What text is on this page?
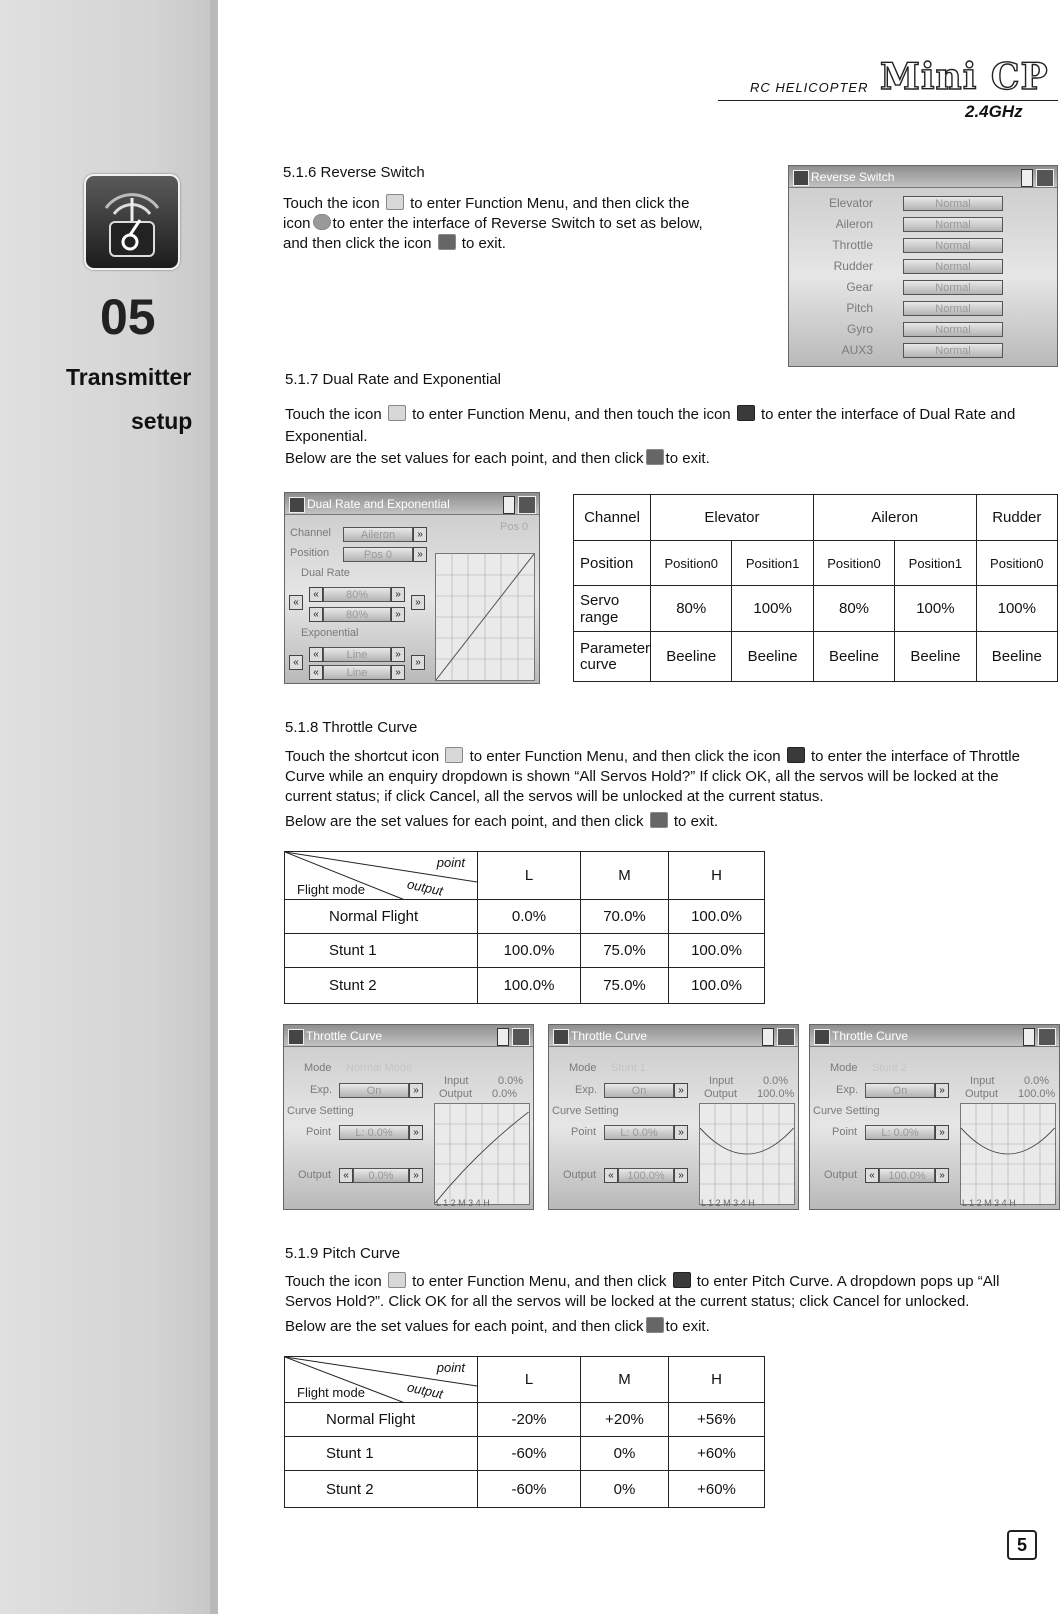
05
Transmitter
setup
RC HELICOPTER Mini CP
2.4GHz
5.1.6 Reverse Switch
Touch the icon to enter Function Menu, and then click the
icon to enter the interface of Reverse Switch to set as below,
and then click the icon to exit.
Reverse Switch
Elevator	Normal
Aileron	Normal
Throttle	Normal
Rudder	Normal
Gear	Normal
Pitch	Normal
Gyro	Normal
AUX3	Normal
5.1.7 Dual Rate and Exponential
Touch the icon to enter Function Menu, and then touch the icon to enter the interface of Dual Rate and
Exponential.
Below are the set values for each point, and then click to exit.
Dual Rate and Exponential
Channel	Aileron	»
Pos 0
Position	Pos 0	»
Dual Rate
«
«	80%	»
«	80%	»
»
Exponential
«
«	Line	»
«	Line	»
»
Channel	Elevator		Aileron		Rudder
Position	Position0	Position1	Position0	Position1	Position0
Servo range	80%	100%	80%	100%	100%
Parameter curve	Beeline	Beeline	Beeline	Beeline	Beeline
5.1.8 Throttle Curve
Touch the shortcut icon to enter Function Menu, and then click the icon to enter the interface of Throttle
Curve while an enquiry dropdown is shown “All Servos Hold?” If click OK, all the servos will be locked at the
current status; if click Cancel, all the servos will be unlocked at the current status.
Below are the set values for each point, and then click to exit.
point
output
Flight mode	L	M	H
Normal Flight	0.0%	70.0%	100.0%
Stunt 1	100.0%	75.0%	100.0%
Stunt 2	100.0%	75.0%	100.0%
Throttle Curve
Mode Normal Mode
Exp.	On	»
Input	0.0%
Output 0.0%
Curve Setting
Point	L: 0.0%	»
Output	«	0.0%	»
L 1 2 M 3 4 H
Throttle Curve
Mode Stunt 1
Exp.	On	»
Input	0.0%
Output 100.0%
Curve Setting
Point	L: 0.0%	»
Output	«	100.0%	»
L 1 2 M 3 4 H
Throttle Curve
Mode Stunt 2
Exp.	On	»
Input	0.0%
Output 100.0%
Curve Setting
Point	L: 0.0%	»
Output	«	100.0%	»
L 1 2 M 3 4 H
5.1.9 Pitch Curve
Touch the icon to enter Function Menu, and then click to enter Pitch Curve. A dropdown pops up “All
Servos Hold?”. Click OK for all the servos will be locked at the current status; click Cancel for unlocked.
Below are the set values for each point, and then click to exit.
point
output
Flight mode	L	M	H
Normal Flight	-20%	+20%	+56%
Stunt 1	-60%	0%	+60%
Stunt 2	-60%	0%	+60%
5
